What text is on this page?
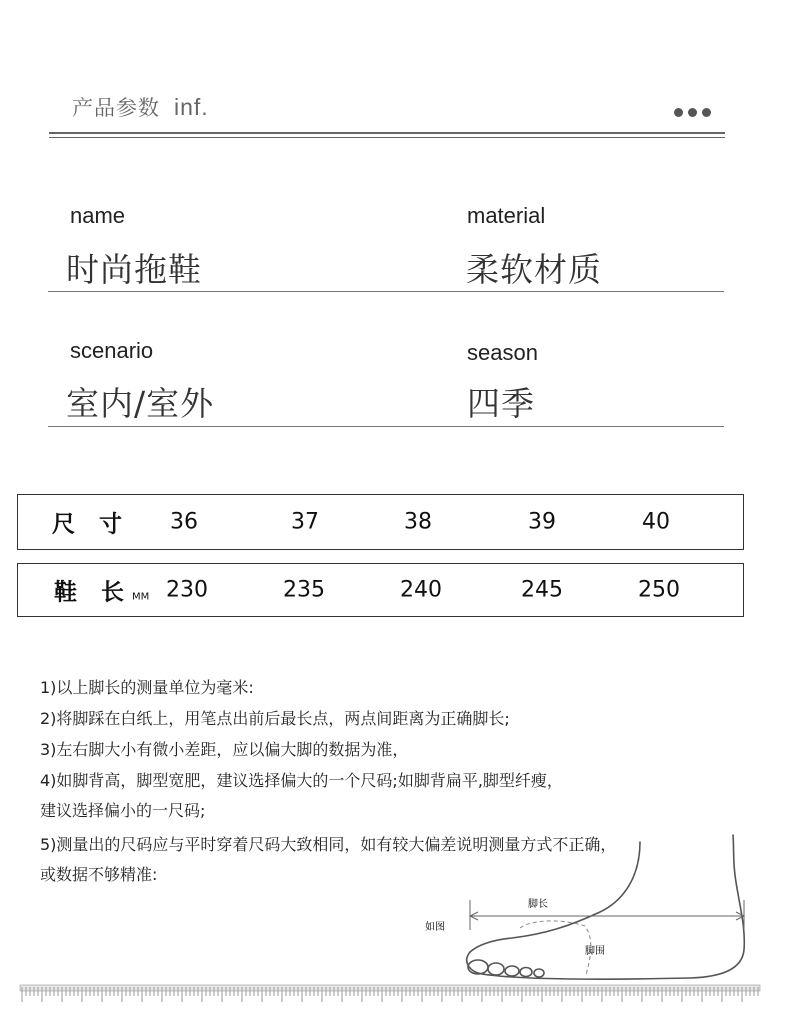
产品参数 inf.
name
时尚拖鞋
material
柔软材质
scenario
室内/室外
season
四季
尺 寸 36	37	38	39	40
鞋 长MM 230	235	240	245	250
1)以上脚长的测量单位为毫米:
2)将脚踩在白纸上，用笔点出前后最长点，两点间距离为正确脚长;
3)左右脚大小有微小差距，应以偏大脚的数据为准，
4)如脚背高，脚型宽肥，建议选择偏大的一个尺码;如脚背扁平,脚型纤瘦，
建议选择偏小的一尺码;
5)测量出的尺码应与平时穿着尺码大致相同，如有较大偏差说明测量方式不正确，
或数据不够精准:
脚长
如图
脚围
